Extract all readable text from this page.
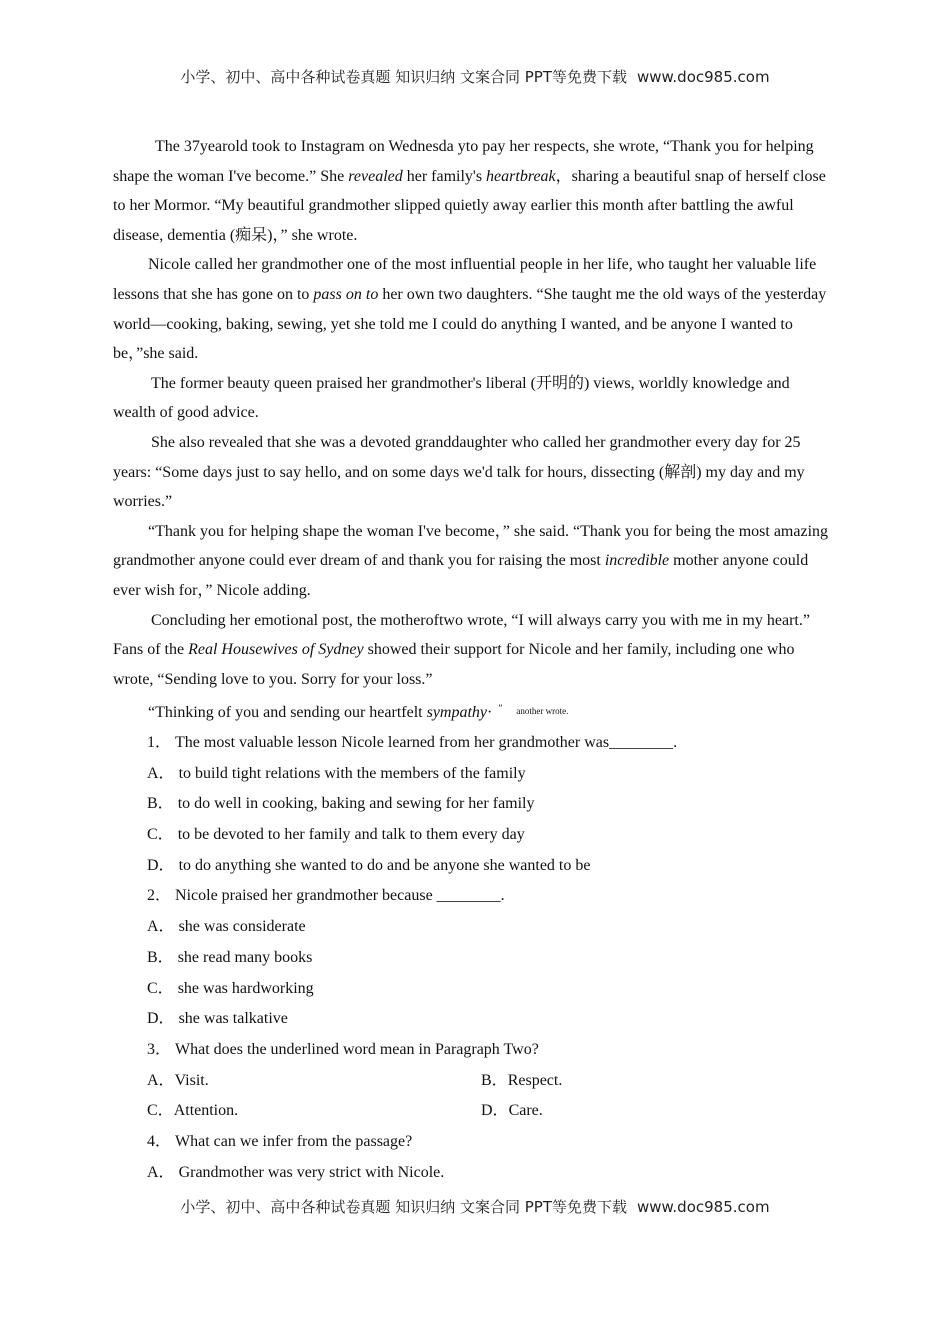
小学、初中、高中各种试卷真题 知识归纳 文案合同 PPT等免费下载 www.doc985.com

The 37yearold took to Instagram on Wednesda yto pay her respects, she wrote, “Thank you for helping shape the woman I've become.” She revealed her family's heartbreak，sharing a beautiful snap of herself close to her Mormor. “My beautiful grandmother slipped quietly away earlier this month after battling the awful disease, dementia (痴呆)，” she wrote.

Nicole called her grandmother one of the most influential people in her life, who taught her valuable life lessons that she has gone on to pass on to her own two daughters. “She taught me the old ways of the yesterday world—cooking, baking, sewing, yet she told me I could do anything I wanted, and be anyone I wanted to be，”she said.

The former beauty queen praised her grandmother's liberal (开明的) views, worldly knowledge and wealth of good advice.

She also revealed that she was a devoted granddaughter who called her grandmother every day for 25 years: “Some days just to say hello, and on some days we'd talk for hours, dissecting (解剖) my day and my worries.”

“Thank you for helping shape the woman I've become，” she said. “Thank you for being the most amazing grandmother anyone could ever dream of and thank you for raising the most incredible mother anyone could ever wish for，” Nicole adding.

Concluding her emotional post, the motheroftwo wrote, “I will always carry you with me in my heart.” Fans of the Real Housewives of Sydney showed their support for Nicole and her family, including one who wrote, “Sending love to you. Sorry for your loss.”

“Thinking of you and sending our heartfelt sympathy· ” another wrote.

1． The most valuable lesson Nicole learned from her grandmother was________.

A． to build tight relations with the members of the family

B． to do well in cooking, baking and sewing for her family

C． to be devoted to her family and talk to them every day

D． to do anything she wanted to do and be anyone she wanted to be

2． Nicole praised her grandmother because ________.

A． she was considerate

B． she read many books

C． she was hardworking

D． she was talkative

3． What does the underlined word mean in Paragraph Two?

A．Visit.	B．Respect.
C．Attention.	D．Care.

4． What can we infer from the passage?

A． Grandmother was very strict with Nicole.

小学、初中、高中各种试卷真题 知识归纳 文案合同 PPT等免费下载 www.doc985.com
